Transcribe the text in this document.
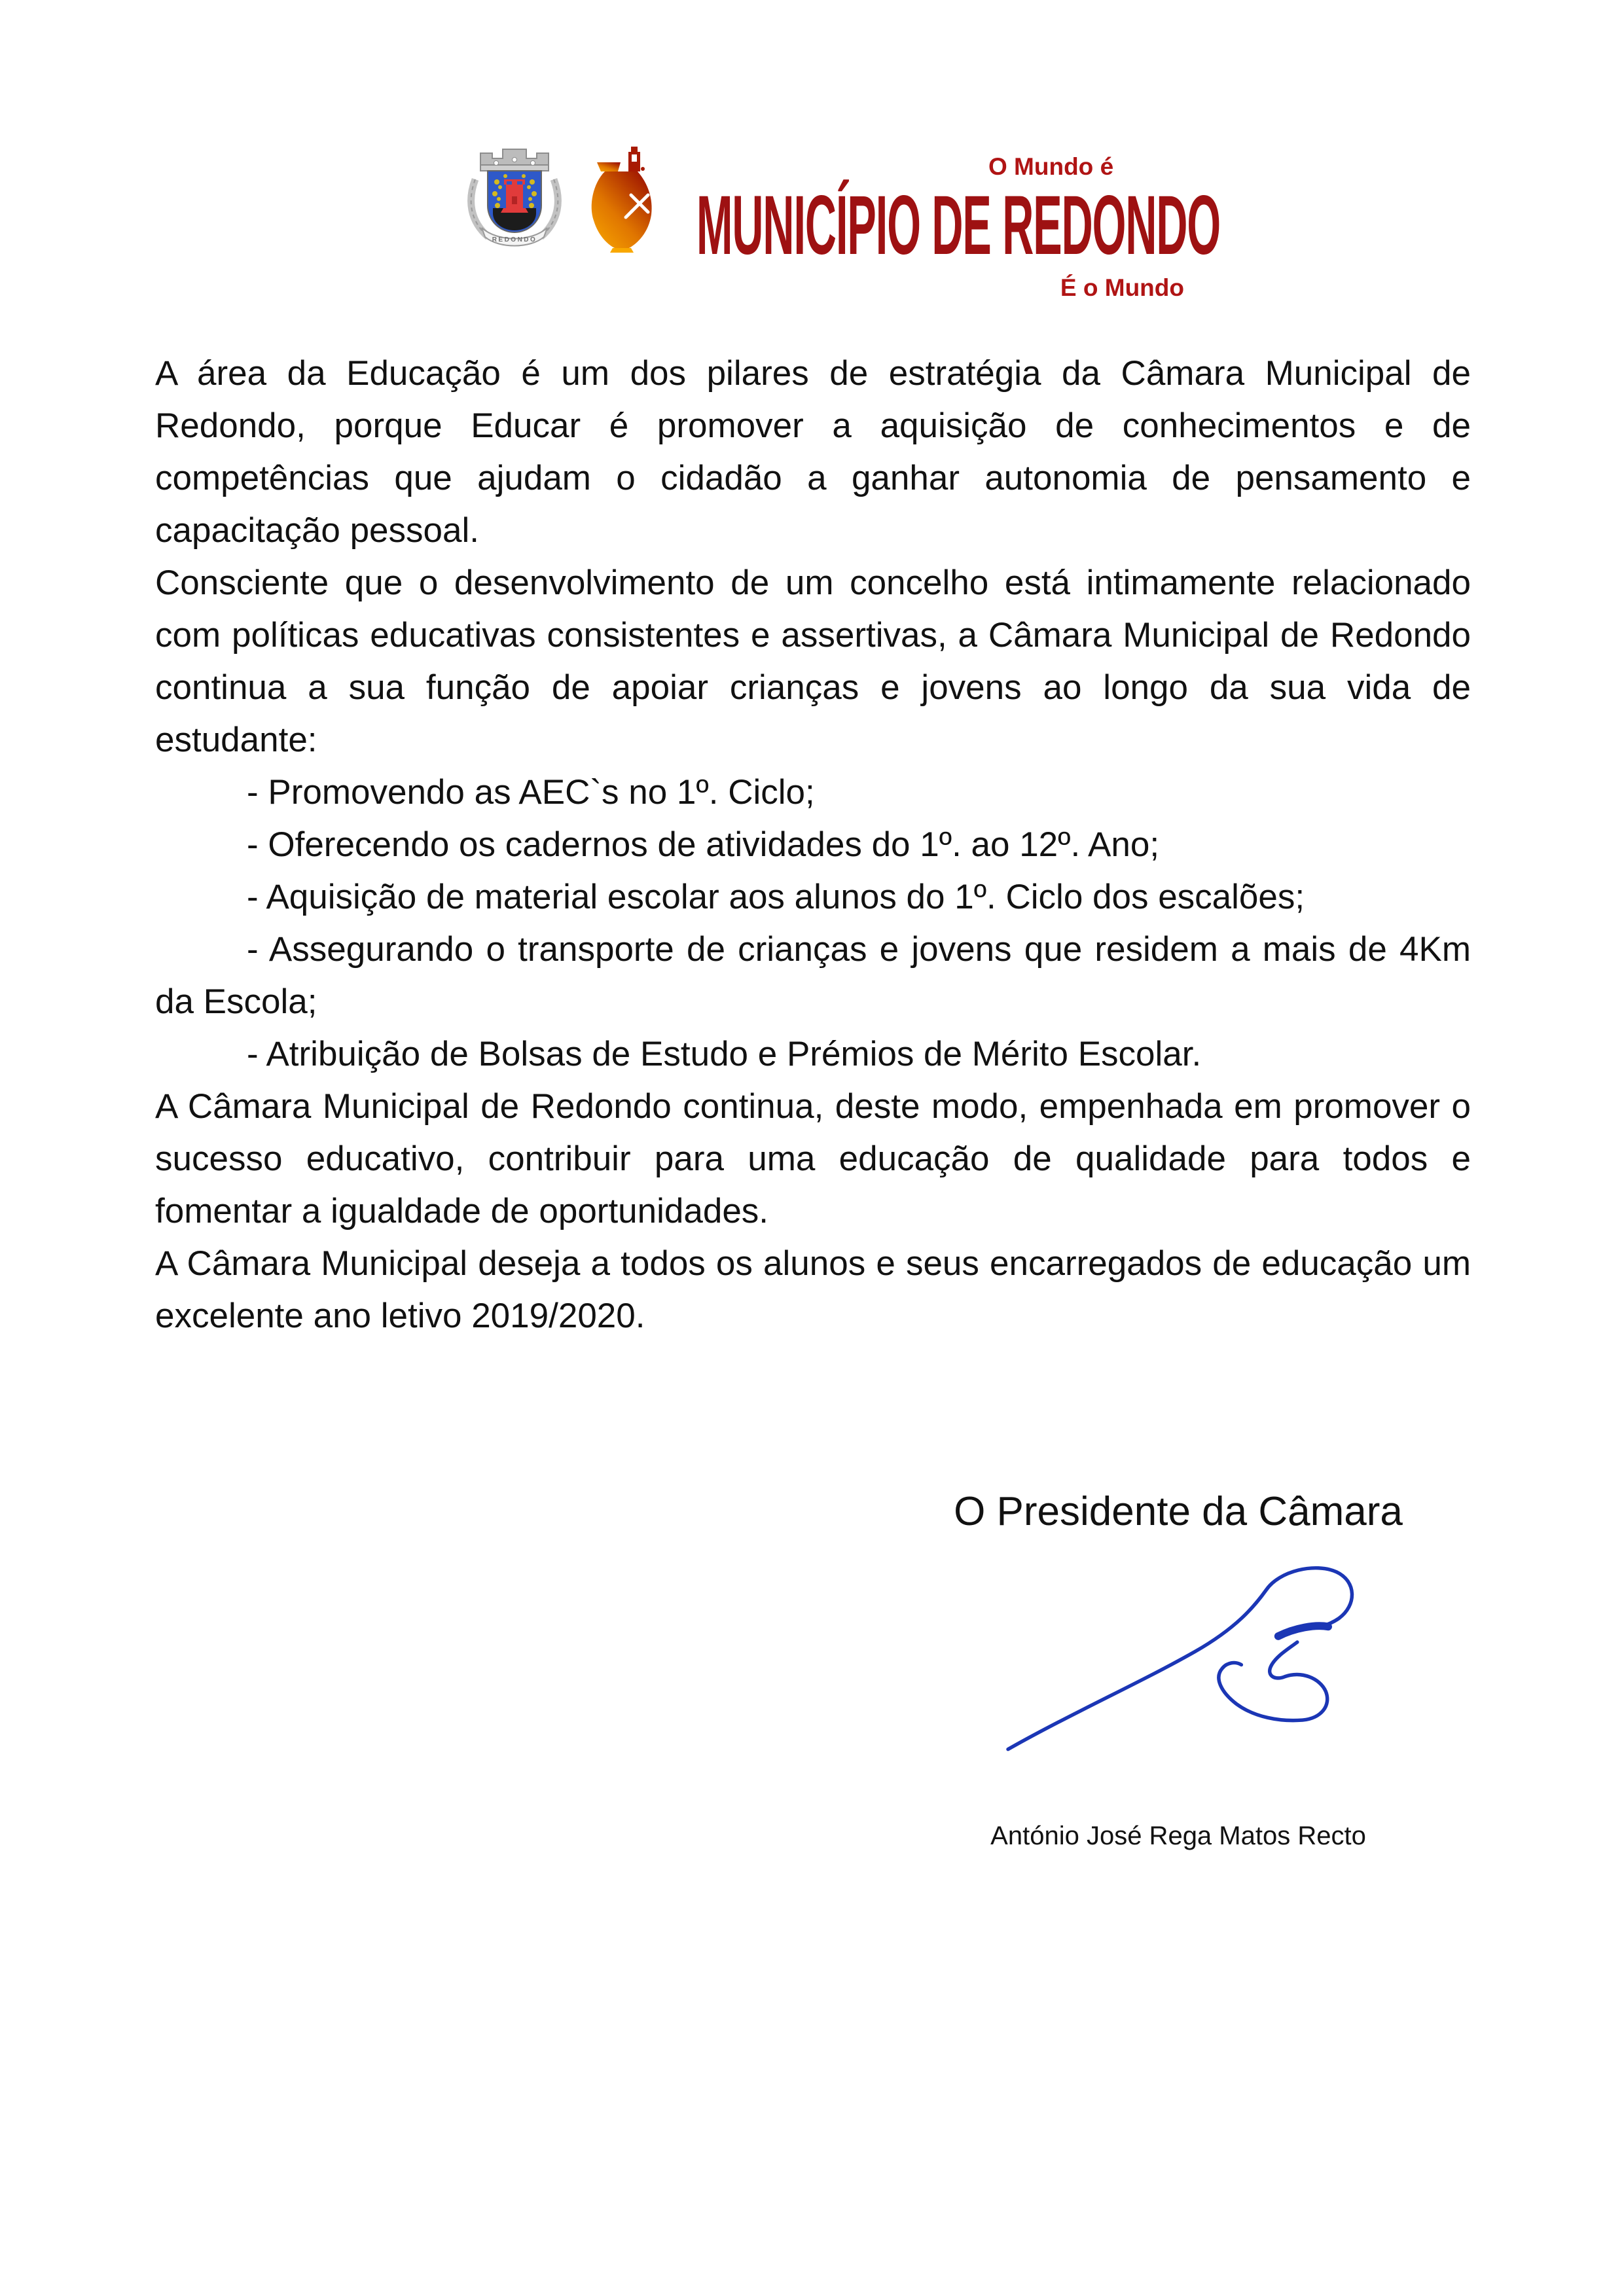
REDONDO
O Mundo é
MUNICÍPIO DE REDONDO
É o Mundo

A área da Educação é um dos pilares de estratégia da Câmara Municipal de Redondo, porque Educar é promover a aquisição de conhecimentos e de competências que ajudam o cidadão a ganhar autonomia de pensamento e capacitação pessoal.

Consciente que o desenvolvimento de um concelho está intimamente relacionado com políticas educativas consistentes e assertivas, a Câmara Municipal de Redondo continua a sua função de apoiar crianças e jovens ao longo da sua vida de estudante:

- Promovendo as AEC`s no 1º. Ciclo;

- Oferecendo os cadernos de atividades do 1º. ao 12º. Ano;

- Aquisição de material escolar aos alunos do 1º. Ciclo dos escalões;

- Assegurando o transporte de crianças e jovens que residem a mais de 4Km da Escola;

- Atribuição de Bolsas de Estudo e Prémios de Mérito Escolar.

A Câmara Municipal de Redondo continua, deste modo, empenhada em promover o sucesso educativo, contribuir para uma educação de qualidade para todos e fomentar a igualdade de oportunidades.

A Câmara Municipal deseja a todos os alunos e seus encarregados de educação um excelente ano letivo 2019/2020.

O Presidente da Câmara
António José Rega Matos Recto
